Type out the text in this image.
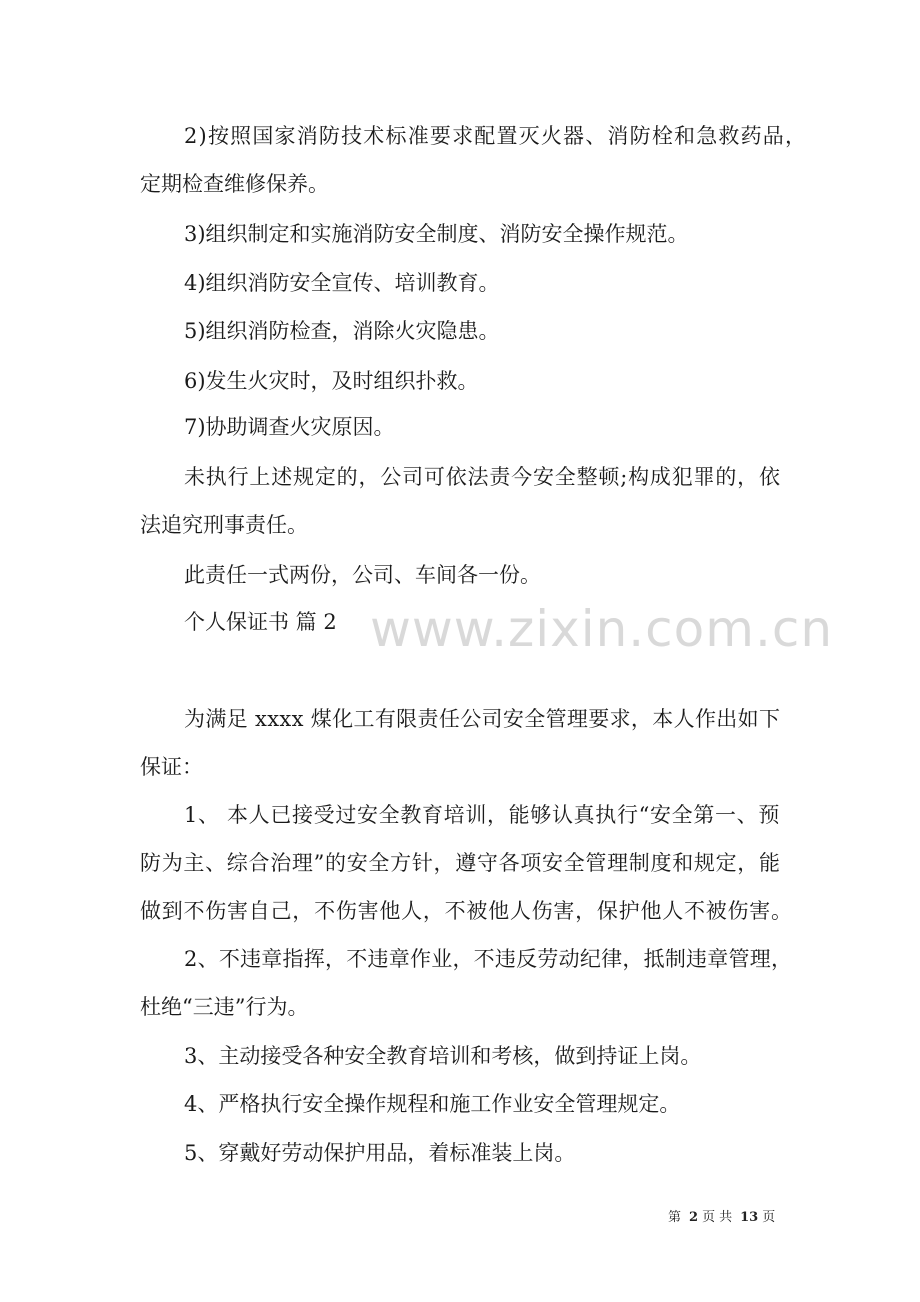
www.zixin.com.cn

2)按照国家消防技术标准要求配置灭火器、消防栓和急救药品，

定期检查维修保养。

3)组织制定和实施消防安全制度、消防安全操作规范。

4)组织消防安全宣传、培训教育。

5)组织消防检查，消除火灾隐患。

6)发生火灾时，及时组织扑救。

7)协助调查火灾原因。

未执行上述规定的，公司可依法责今安全整顿;构成犯罪的，依

法追究刑事责任。

此责任一式两份，公司、车间各一份。

个人保证书 篇 2

为满足 xxxx 煤化工有限责任公司安全管理要求，本人作出如下

保证：

1、 本人已接受过安全教育培训，能够认真执行“安全第一、预

防为主、综合治理”的安全方针，遵守各项安全管理制度和规定，能

做到不伤害自己，不伤害他人，不被他人伤害，保护他人不被伤害。

2、不违章指挥，不违章作业，不违反劳动纪律，抵制违章管理，

杜绝“三违”行为。

3、主动接受各种安全教育培训和考核，做到持证上岗。

4、严格执行安全操作规程和施工作业安全管理规定。

5、穿戴好劳动保护用品，着标准装上岗。

第 2 页 共 13 页
